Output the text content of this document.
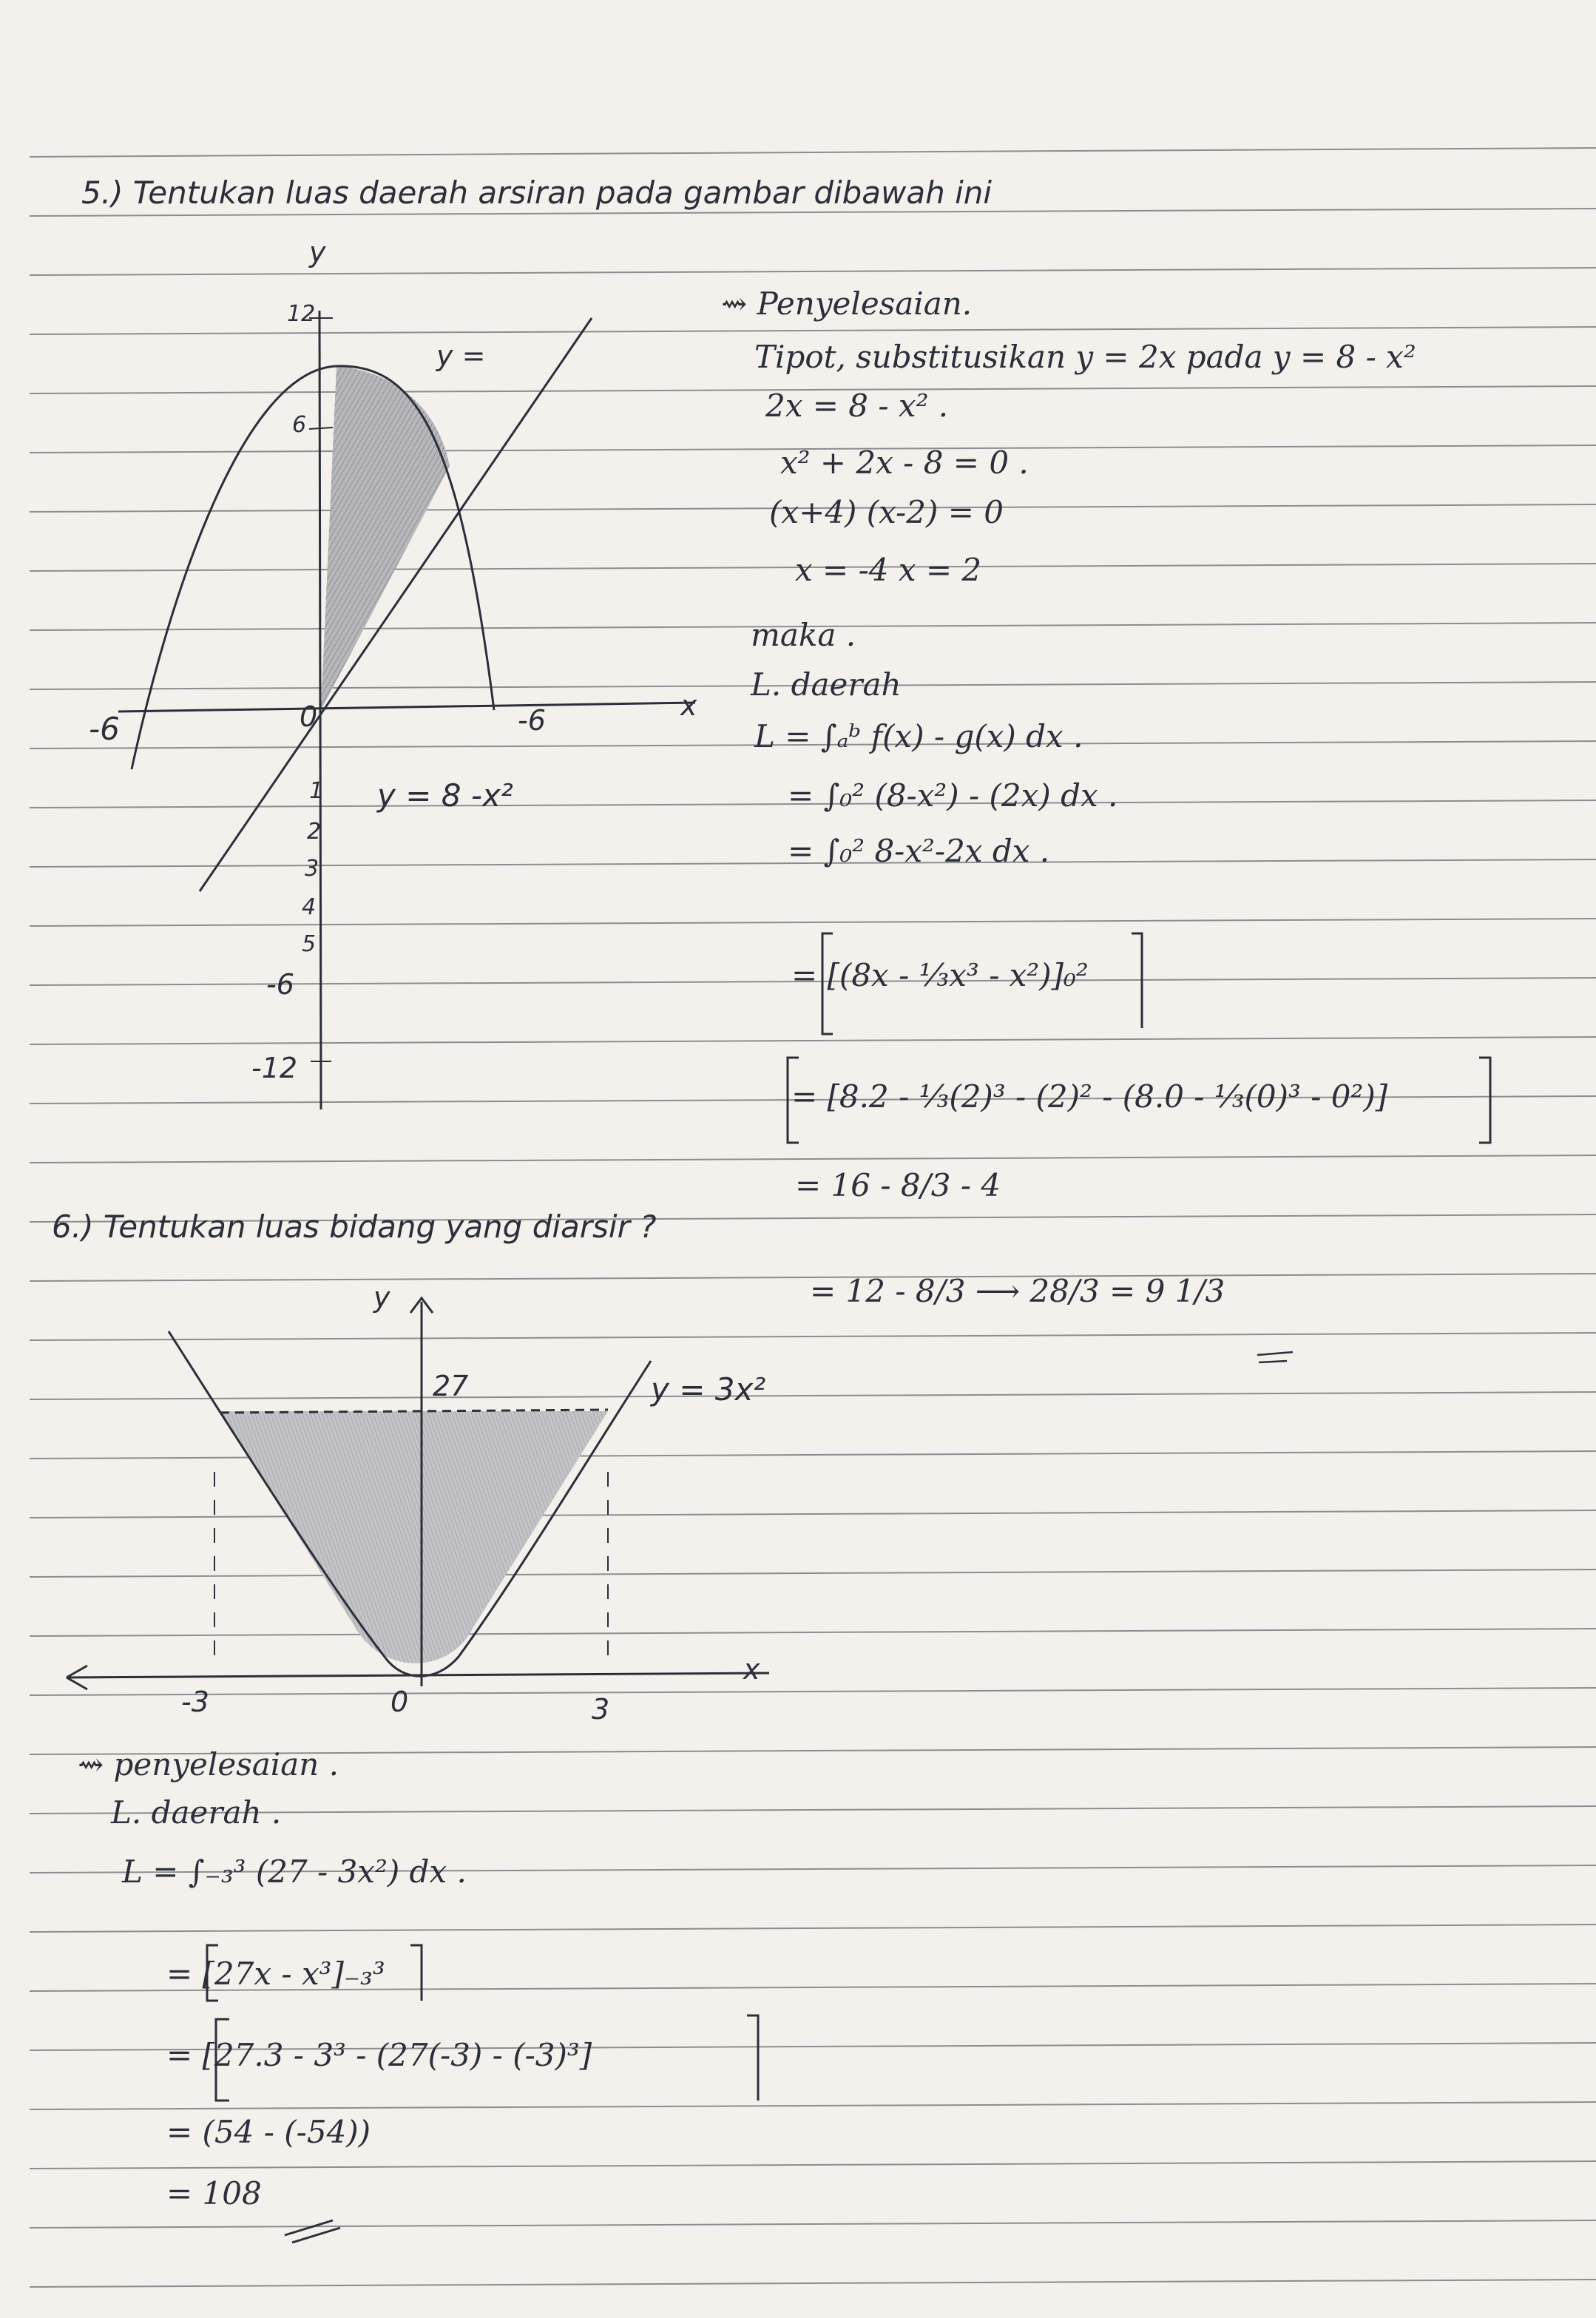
5.) Tentukan luas daerah arsiran pada gambar dibawah ini
y
12
6
y =
-6	0	-6	x
1
2
3
4
5
-6
-12
y = 8 -x²
⇝ Penyelesaian.
Tipot, substitusikan y = 2x pada y = 8 - x²
2x = 8 - x² .
x² + 2x - 8 = 0 .
(x+4) (x-2) = 0
x = -4 x = 2
maka .
L. daerah
L = ∫ₐᵇ f(x) - g(x) dx .
= ∫₀² (8-x²) - (2x) dx .
= ∫₀² 8-x²-2x dx .
= [(8x - ⅓x³ - x²)]₀²
= [8.2 - ⅓(2)³ - (2)² - (8.0 - ⅓(0)³ - 0²)]
= 16 - 8/3 - 4
= 12 - 8/3 ⟶ 28/3 = 9 1/3
6.) Tentukan luas bidang yang diarsir ?
y
27	y = 3x²
-3	0	3
x
⇝ penyelesaian .
L. daerah .
L = ∫₋₃³ (27 - 3x²) dx .
= [27x - x³]₋₃³
= [27.3 - 3³ - (27(-3) - (-3)³]
= (54 - (-54))
= 108
